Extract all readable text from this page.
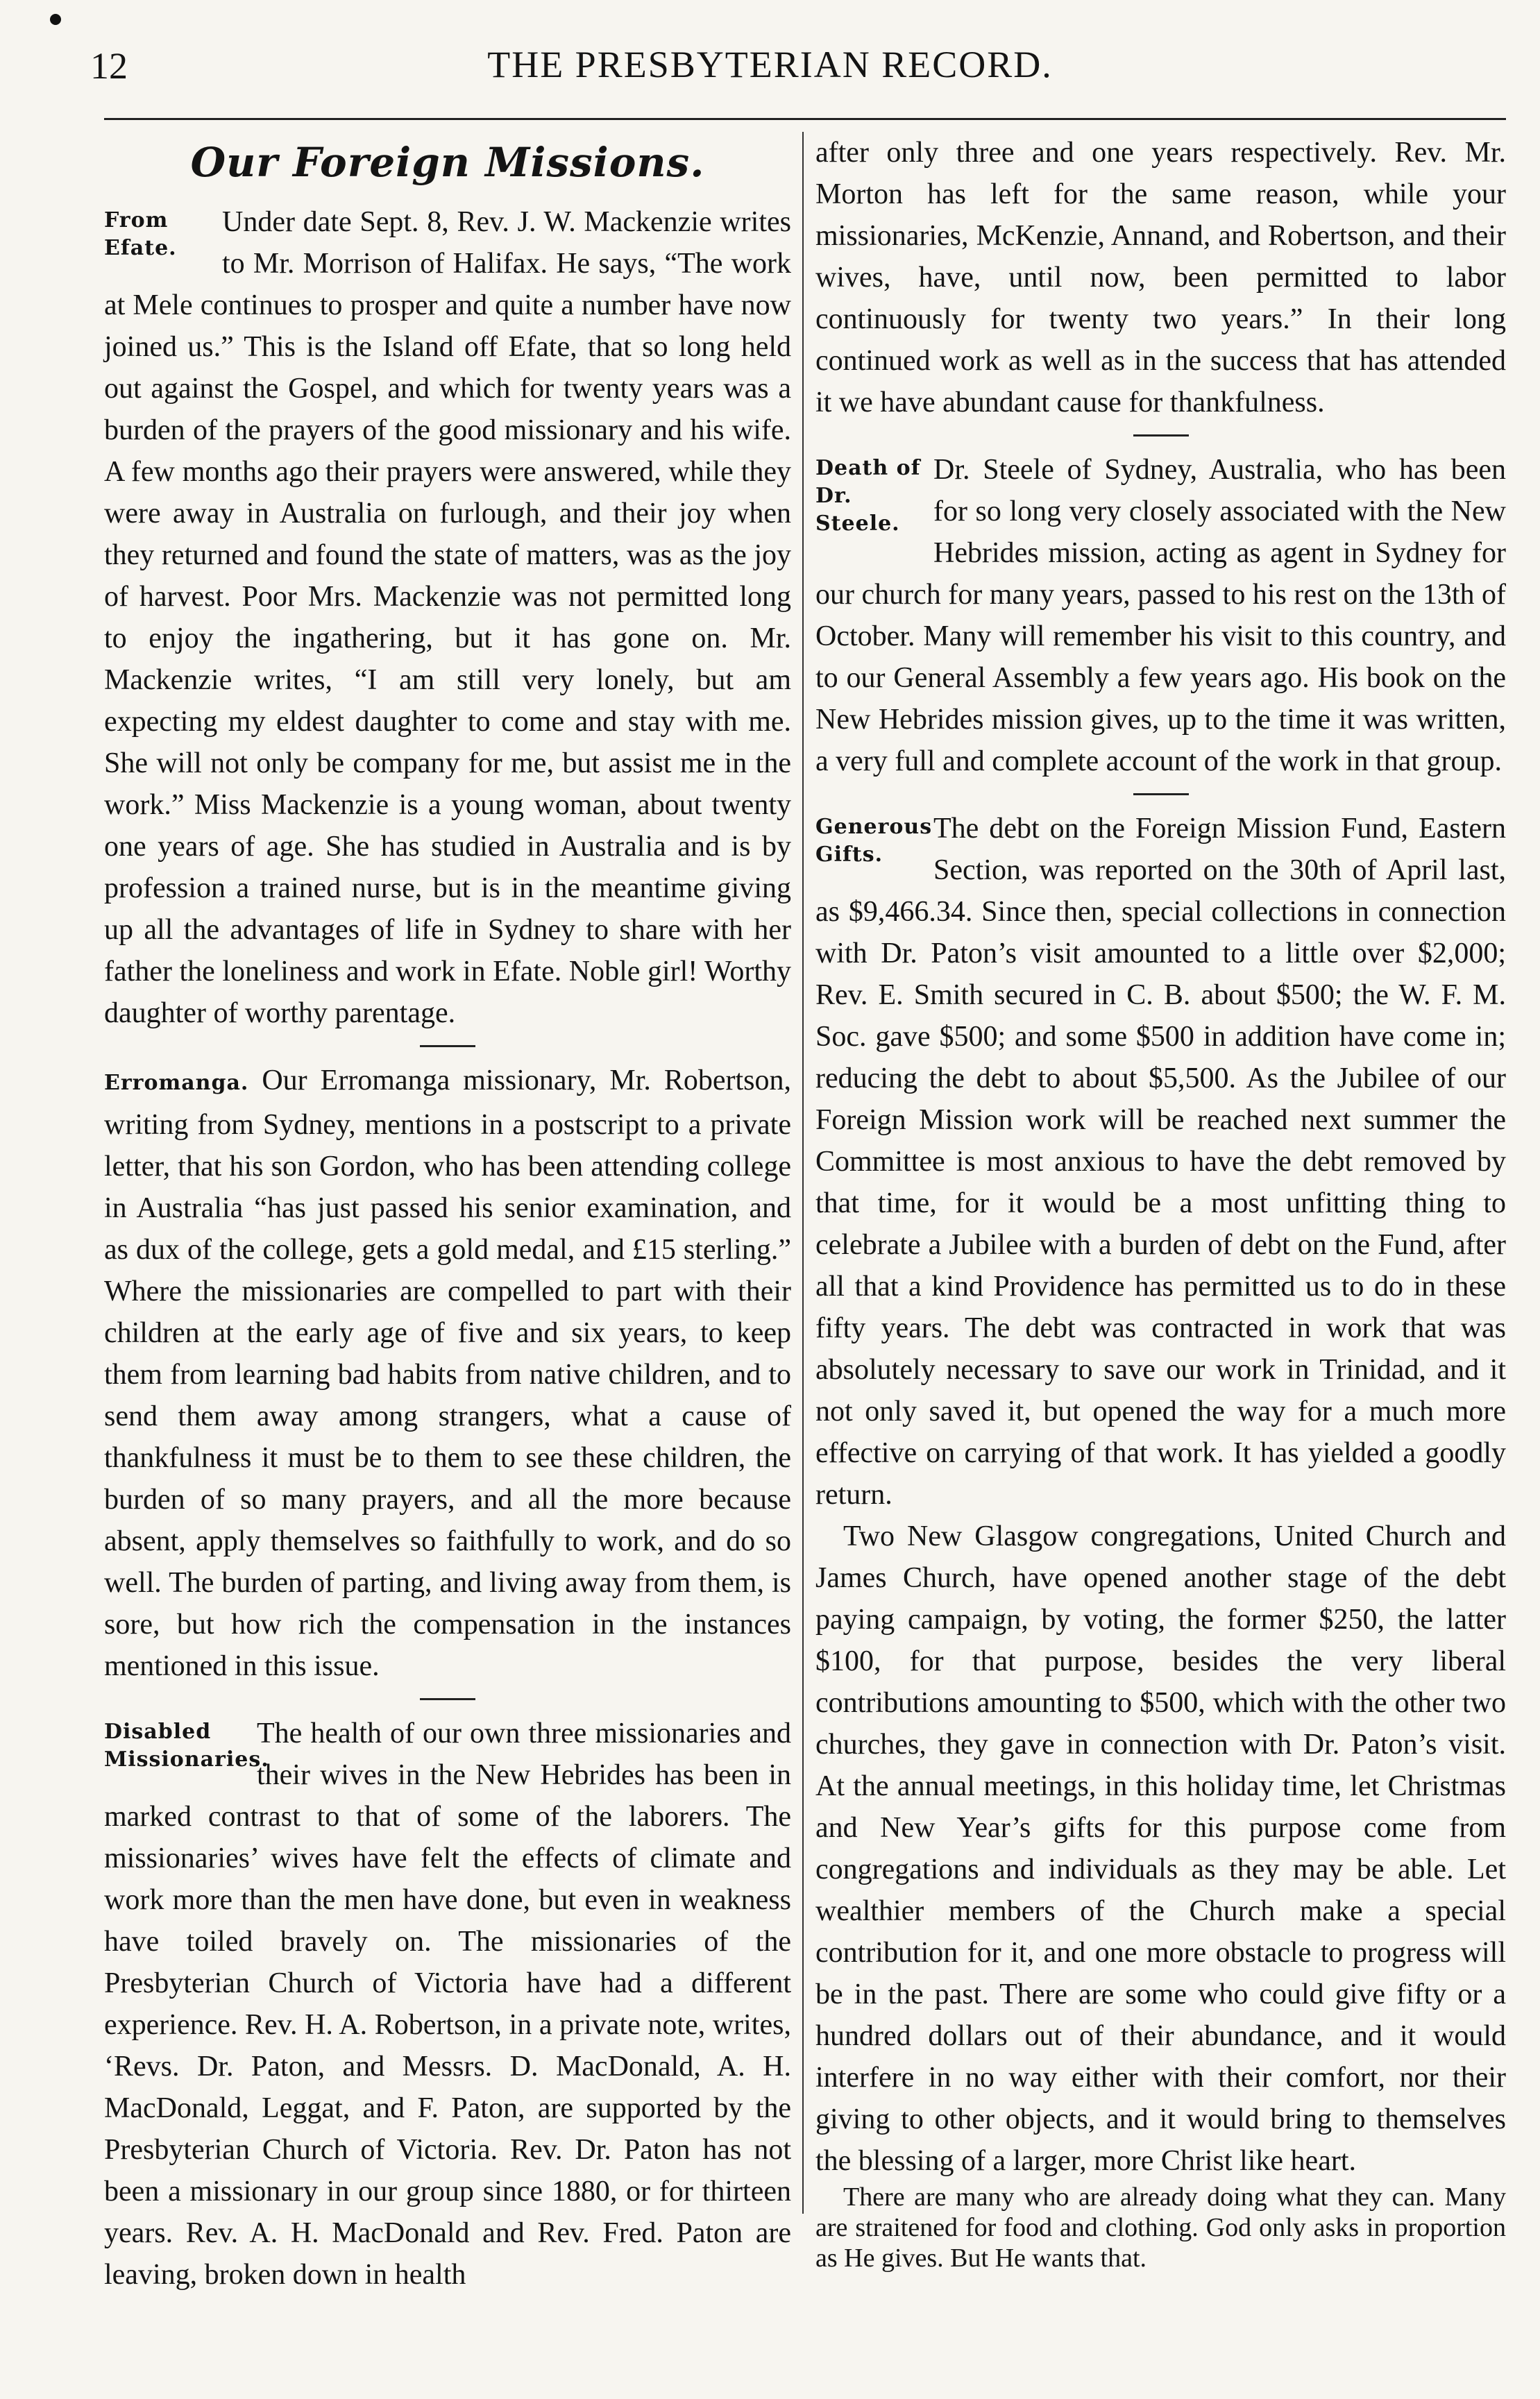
12	THE PRESBYTERIAN RECORD.
Our Foreign Missions.

From
Efate.
Under date Sept. 8, Rev. J. W. Mackenzie writes to Mr. Morrison of Halifax. He says, “The work at Mele continues to prosper and quite a number have now joined us.” This is the Island off Efate, that so long held out against the Gospel, and which for twenty years was a burden of the prayers of the good missionary and his wife. A few months ago their prayers were answered, while they were away in Australia on furlough, and their joy when they returned and found the state of matters, was as the joy of harvest. Poor Mrs. Mackenzie was not permitted long to enjoy the ingathering, but it has gone on. Mr. Mackenzie writes, “I am still very lonely, but am expecting my eldest daughter to come and stay with me. She will not only be company for me, but assist me in the work.” Miss Mackenzie is a young woman, about twenty one years of age. She has studied in Australia and is by profession a trained nurse, but is in the meantime giving up all the advantages of life in Sydney to share with her father the loneliness and work in Efate. Noble girl! Worthy daughter of worthy parentage.

Erromanga. Our Erromanga missionary, Mr. Robertson, writing from Sydney, mentions in a postscript to a private letter, that his son Gordon, who has been attending college in Australia “has just passed his senior examination, and as dux of the college, gets a gold medal, and £15 sterling.” Where the missionaries are compelled to part with their children at the early age of five and six years, to keep them from learning bad habits from native children, and to send them away among strangers, what a cause of thankfulness it must be to them to see these children, the burden of so many prayers, and all the more because absent, apply themselves so faithfully to work, and do so well. The burden of parting, and living away from them, is sore, but how rich the compensation in the instances mentioned in this issue.

Disabled
Missionaries.
The health of our own three missionaries and their wives in the New Hebrides has been in marked contrast to that of some of the laborers. The missionaries’ wives have felt the effects of climate and work more than the men have done, but even in weakness have toiled bravely on. The missionaries of the Presbyterian Church of Victoria have had a different experience. Rev. H. A. Robertson, in a private note, writes, ‘Revs. Dr. Paton, and Messrs. D. MacDonald, A. H. MacDonald, Leggat, and F. Paton, are supported by the Presbyterian Church of Victoria. Rev. Dr. Paton has not been a missionary in our group since 1880, or for thirteen years. Rev. A. H. MacDonald and Rev. Fred. Paton are leaving, broken down in health

after only three and one years respectively. Rev. Mr. Morton has left for the same reason, while your missionaries, McKenzie, Annand, and Robertson, and their wives, have, until now, been permitted to labor continuously for twenty two years.” In their long continued work as well as in the success that has attended it we have abundant cause for thankfulness.

Death of
Dr. Steele.
Dr. Steele of Sydney, Australia, who has been for so long very closely associated with the New Hebrides mission, acting as agent in Sydney for our church for many years, passed to his rest on the 13th of October. Many will remember his visit to this country, and to our General Assembly a few years ago. His book on the New Hebrides mission gives, up to the time it was written, a very full and complete account of the work in that group.

Generous
Gifts.
The debt on the Foreign Mission Fund, Eastern Section, was reported on the 30th of April last, as $9,466.34. Since then, special collections in connection with Dr. Paton’s visit amounted to a little over $2,000; Rev. E. Smith secured in C. B. about $500; the W. F. M. Soc. gave $500; and some $500 in addition have come in; reducing the debt to about $5,500. As the Jubilee of our Foreign Mission work will be reached next summer the Committee is most anxious to have the debt removed by that time, for it would be a most unfitting thing to celebrate a Jubilee with a burden of debt on the Fund, after all that a kind Providence has permitted us to do in these fifty years. The debt was contracted in work that was absolutely necessary to save our work in Trinidad, and it not only saved it, but opened the way for a much more effective on carrying of that work. It has yielded a goodly return.

Two New Glasgow congregations, United Church and James Church, have opened another stage of the debt paying campaign, by voting, the former $250, the latter $100, for that purpose, besides the very liberal contributions amounting to $500, which with the other two churches, they gave in connection with Dr. Paton’s visit. At the annual meetings, in this holiday time, let Christmas and New Year’s gifts for this purpose come from congregations and individuals as they may be able. Let wealthier members of the Church make a special contribution for it, and one more obstacle to progress will be in the past. There are some who could give fifty or a hundred dollars out of their abundance, and it would interfere in no way either with their comfort, nor their giving to other objects, and it would bring to themselves the blessing of a larger, more Christ like heart.

There are many who are already doing what they can. Many are straitened for food and clothing. God only asks in proportion as He gives. But He wants that.
